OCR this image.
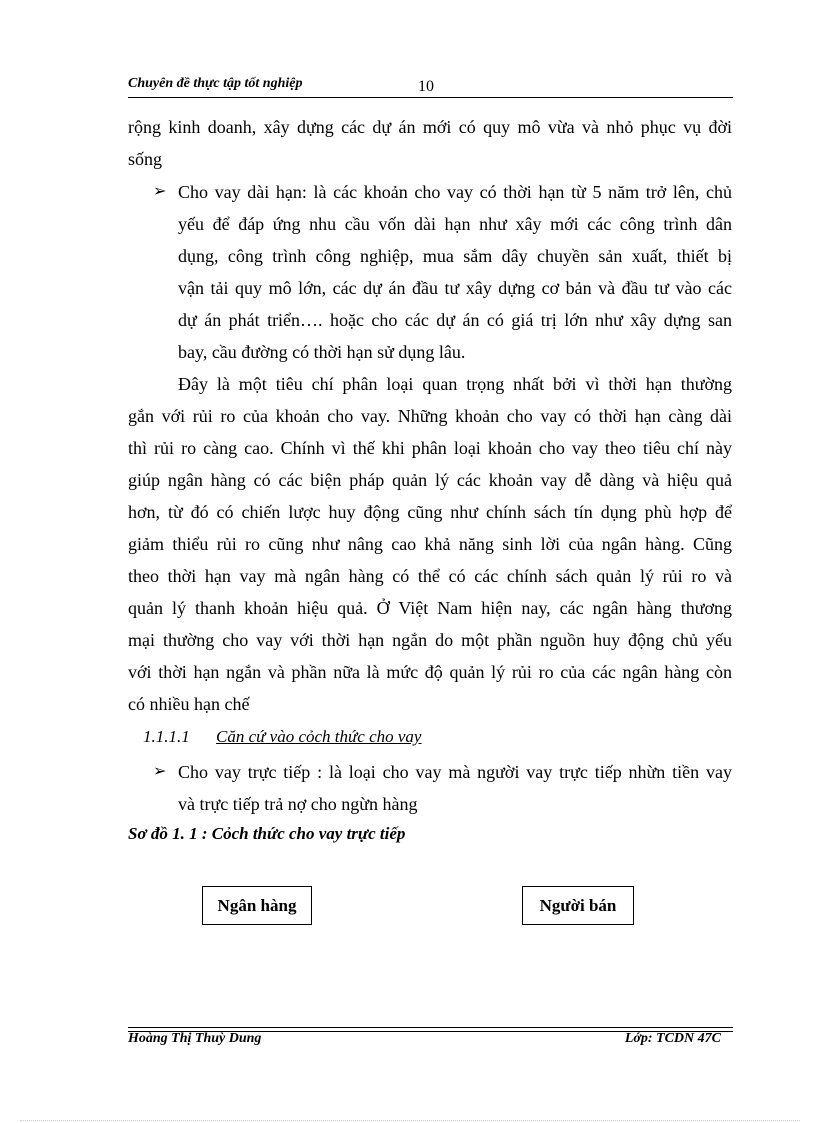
Chuyên đề thực tập tốt nghiệp	10
rộng kinh doanh, xây dựng các dự án mới có quy mô vừa và nhỏ phục vụ đời
sống
➢ Cho vay dài hạn: là các khoản cho vay có thời hạn từ 5 năm trở lên, chủ
yếu để đáp ứng nhu cầu vốn dài hạn như xây mới các công trình dân
dụng, công trình công nghiệp, mua sắm dây chuyền sản xuất, thiết bị
vận tải quy mô lớn, các dự án đầu tư xây dựng cơ bản và đầu tư vào các
dự án phát triển…. hoặc cho các dự án có giá trị lớn như xây dựng san
bay, cầu đường có thời hạn sử dụng lâu.
Đây là một tiêu chí phân loại quan trọng nhất bởi vì thời hạn thường
gắn với rủi ro của khoản cho vay. Những khoản cho vay có thời hạn càng dài
thì rủi ro càng cao. Chính vì thế khi phân loại khoản cho vay theo tiêu chí này
giúp ngân hàng có các biện pháp quản lý các khoản vay dễ dàng và hiệu quả
hơn, từ đó có chiến lược huy động cũng như chính sách tín dụng phù hợp để
giảm thiểu rủi ro cũng như nâng cao khả năng sinh lời của ngân hàng. Cũng
theo thời hạn vay mà ngân hàng có thể có các chính sách quản lý rủi ro và
quản lý thanh khoản hiệu quả. Ở Việt Nam hiện nay, các ngân hàng thương
mại thường cho vay với thời hạn ngắn do một phần nguồn huy động chủ yếu
với thời hạn ngắn và phần nữa là mức độ quản lý rủi ro của các ngân hàng còn
có nhiều hạn chế
1.1.1.1 Căn cứ vào cỏch thức cho vay
➢ Cho vay trực tiếp : là loại cho vay mà người vay trực tiếp nhừn tiền vay
và trực tiếp trả nợ cho ngừn hàng
Sơ đồ 1. 1 : Cỏch thức cho vay trực tiếp
Ngân hàng	Người bán
Hoàng Thị Thuỳ Dung	Lớp: TCDN 47C
